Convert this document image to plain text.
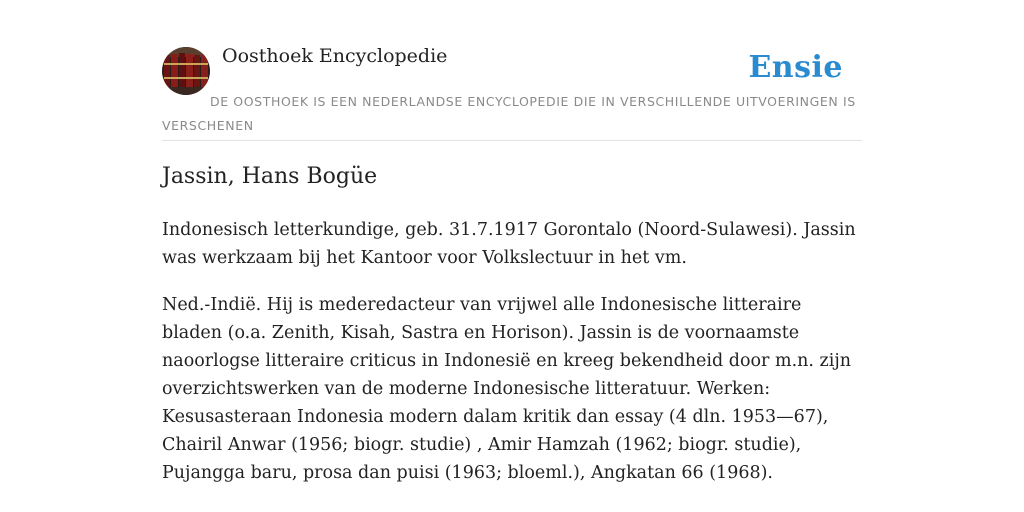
Oosthoek Encyclopedie	Ensie
DE OOSTHOEK IS EEN NEDERLANDSE ENCYCLOPEDIE DIE IN VERSCHILLENDE UITVOERINGEN IS VERSCHENEN
Jassin, Hans Bogüe

Indonesisch letterkundige, geb. 31.7.1917 Gorontalo (Noord-Sulawesi). Jassin was werkzaam bij het Kantoor voor Volkslectuur in het vm.

Ned.-Indië. Hij is mederedacteur van vrijwel alle Indonesische litteraire bladen (o.a. Zenith, Kisah, Sastra en Horison). Jassin is de voornaamste naoorlogse litteraire criticus in Indonesië en kreeg bekendheid door m.n. zijn overzichtswerken van de moderne Indonesische litteratuur. Werken: Kesusasteraan Indonesia modern dalam kritik dan essay (4 dln. 1953—67), Chairil Anwar (1956; biogr. studie) , Amir Hamzah (1962; biogr. studie), Pujangga baru, prosa dan puisi (1963; bloeml.), Angkatan 66 (1968).
